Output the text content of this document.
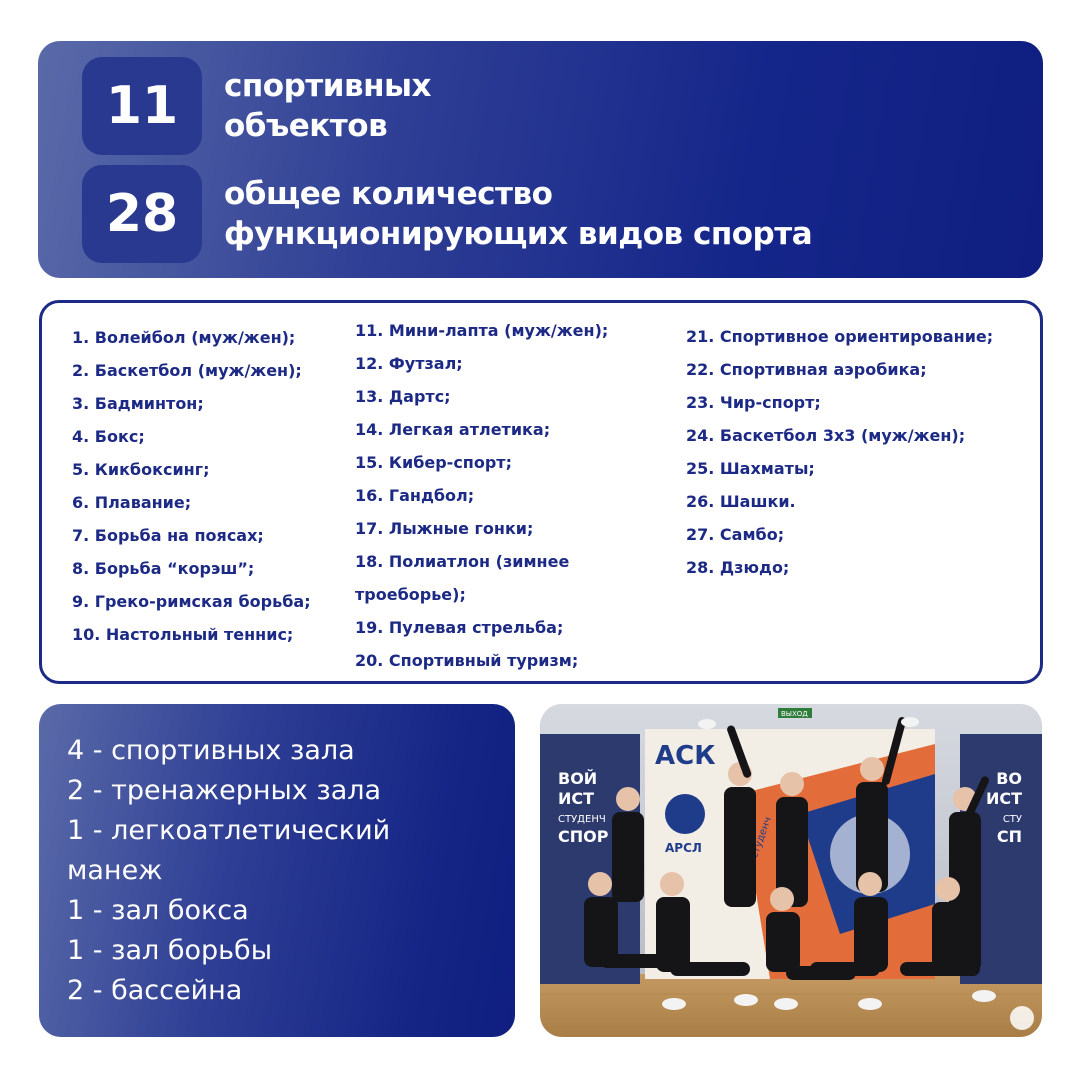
11	спортивных
объектов
28	общее количество
функционирующих видов спорта
1. Волейбол (муж/жен);
2. Баскетбол (муж/жен);
3. Бадминтон;
4. Бокс;
5. Кикбоксинг;
6. Плавание;
7. Борьба на поясах;
8. Борьба “корэш”;
9. Греко-римская борьба;
10. Настольный теннис;
11. Мини-лапта (муж/жен);
12. Футзал;
13. Дартс;
14. Легкая атлетика;
15. Кибер-спорт;
16. Гандбол;
17. Лыжные гонки;
18. Полиатлон (зимнее
троеборье);
19. Пулевая стрельба;
20. Спортивный туризм;
21. Спортивное ориентирование;
22. Спортивная аэробика;
23. Чир-спорт;
24. Баскетбол 3х3 (муж/жен);
25. Шахматы;
26. Шашки.
27. Самбо;
28. Дзюдо;
4 - спортивных зала
2 - тренажерных зала
1 - легкоатлетический
манеж
1 - зал бокса
1 - зал борьбы
2 - бассейна
ВОЙ
ИСТ
СТУДЕНЧ
СПОР
АСК
АРСЛ	студенч
ВО
ИСТ
СТУ
СП
ВЫХОД
